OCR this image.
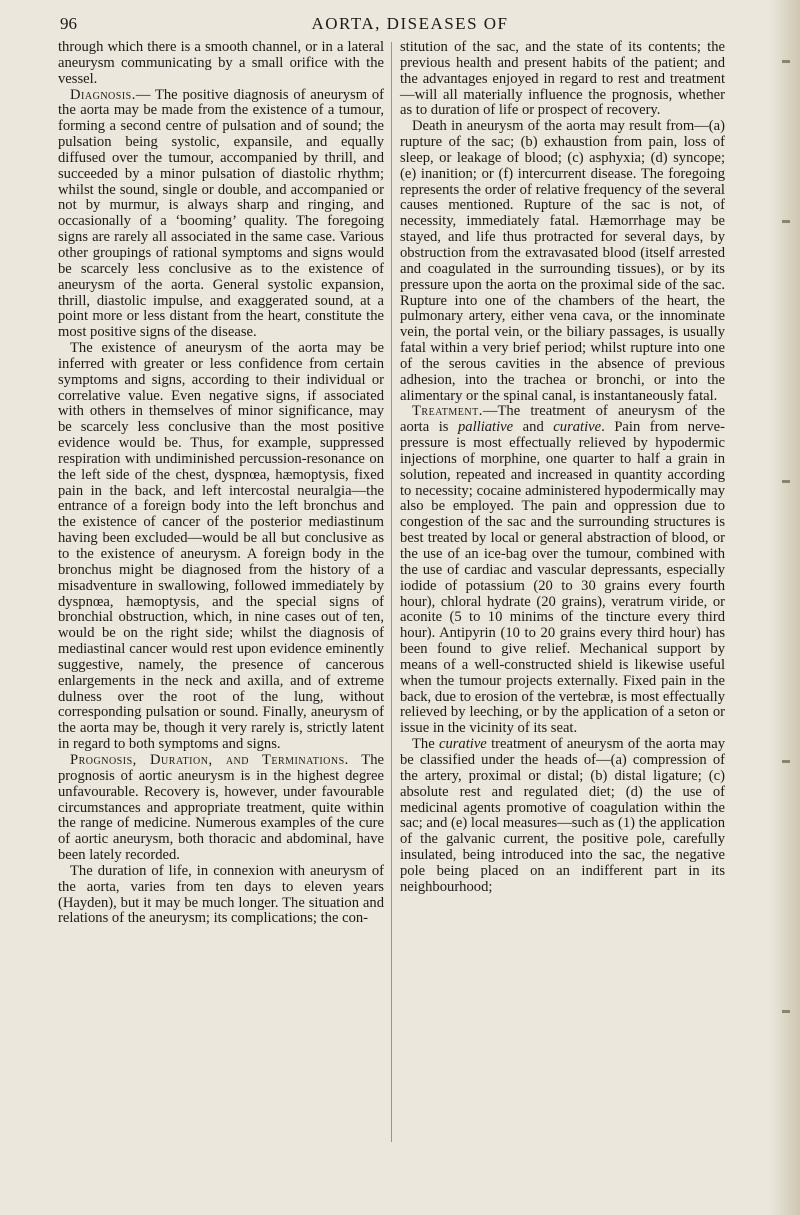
96	AORTA, DISEASES OF

through which there is a smooth channel, or in a lateral aneurysm communicating by a small orifice with the vessel.

Diagnosis.— The positive diagnosis of aneurysm of the aorta may be made from the existence of a tumour, forming a second centre of pulsation and of sound; the pulsation being systolic, expansile, and equally diffused over the tumour, accompanied by thrill, and succeeded by a minor pulsation of diastolic rhythm; whilst the sound, single or double, and accompanied or not by murmur, is always sharp and ringing, and occasionally of a ‘booming’ quality. The foregoing signs are rarely all associated in the same case. Various other groupings of rational symptoms and signs would be scarcely less conclusive as to the existence of aneurysm of the aorta. General systolic expansion, thrill, diastolic impulse, and exaggerated sound, at a point more or less distant from the heart, constitute the most positive signs of the disease.

The existence of aneurysm of the aorta may be inferred with greater or less confidence from certain symptoms and signs, according to their individual or correlative value. Even negative signs, if associated with others in themselves of minor significance, may be scarcely less conclusive than the most positive evidence would be. Thus, for example, suppressed respiration with undiminished percussion-resonance on the left side of the chest, dyspnœa, hæmoptysis, fixed pain in the back, and left intercostal neuralgia—the entrance of a foreign body into the left bronchus and the existence of cancer of the posterior mediastinum having been excluded—would be all but conclusive as to the existence of aneurysm. A foreign body in the bronchus might be diagnosed from the history of a misadventure in swallowing, followed immediately by dyspnœa, hæmoptysis, and the special signs of bronchial obstruction, which, in nine cases out of ten, would be on the right side; whilst the diagnosis of mediastinal cancer would rest upon evidence eminently suggestive, namely, the presence of cancerous enlargements in the neck and axilla, and of extreme dulness over the root of the lung, without corresponding pulsation or sound. Finally, aneurysm of the aorta may be, though it very rarely is, strictly latent in regard to both symptoms and signs.

Prognosis, Duration, and Terminations. The prognosis of aortic aneurysm is in the highest degree unfavourable. Recovery is, however, under favourable circumstances and appropriate treatment, quite within the range of medicine. Numerous examples of the cure of aortic aneurysm, both thoracic and abdominal, have been lately recorded.

The duration of life, in connexion with aneurysm of the aorta, varies from ten days to eleven years (Hayden), but it may be much longer. The situation and relations of the aneurysm; its complications; the con-

stitution of the sac, and the state of its contents; the previous health and present habits of the patient; and the advantages enjoyed in regard to rest and treatment—will all materially influence the prognosis, whether as to duration of life or prospect of recovery.

Death in aneurysm of the aorta may result from—(a) rupture of the sac; (b) exhaustion from pain, loss of sleep, or leakage of blood; (c) asphyxia; (d) syncope; (e) inanition; or (f) intercurrent disease. The foregoing represents the order of relative frequency of the several causes mentioned. Rupture of the sac is not, of necessity, immediately fatal. Hæmorrhage may be stayed, and life thus protracted for several days, by obstruction from the extravasated blood (itself arrested and coagulated in the surrounding tissues), or by its pressure upon the aorta on the proximal side of the sac. Rupture into one of the chambers of the heart, the pulmonary artery, either vena cava, or the innominate vein, the portal vein, or the biliary passages, is usually fatal within a very brief period; whilst rupture into one of the serous cavities in the absence of previous adhesion, into the trachea or bronchi, or into the alimentary or the spinal canal, is instantaneously fatal.

Treatment.—The treatment of aneurysm of the aorta is palliative and curative. Pain from nerve-pressure is most effectually relieved by hypodermic injections of morphine, one quarter to half a grain in solution, repeated and increased in quantity according to necessity; cocaine administered hypodermically may also be employed. The pain and oppression due to congestion of the sac and the surrounding structures is best treated by local or general abstraction of blood, or the use of an ice-bag over the tumour, combined with the use of cardiac and vascular depressants, especially iodide of potassium (20 to 30 grains every fourth hour), chloral hydrate (20 grains), veratrum viride, or aconite (5 to 10 minims of the tincture every third hour). Antipyrin (10 to 20 grains every third hour) has been found to give relief. Mechanical support by means of a well-constructed shield is likewise useful when the tumour projects externally. Fixed pain in the back, due to erosion of the vertebræ, is most effectually relieved by leeching, or by the application of a seton or issue in the vicinity of its seat.

The curative treatment of aneurysm of the aorta may be classified under the heads of—(a) compression of the artery, proximal or distal; (b) distal ligature; (c) absolute rest and regulated diet; (d) the use of medicinal agents promotive of coagulation within the sac; and (e) local measures—such as (1) the application of the galvanic current, the positive pole, carefully insulated, being introduced into the sac, the negative pole being placed on an indifferent part in its neighbourhood;
